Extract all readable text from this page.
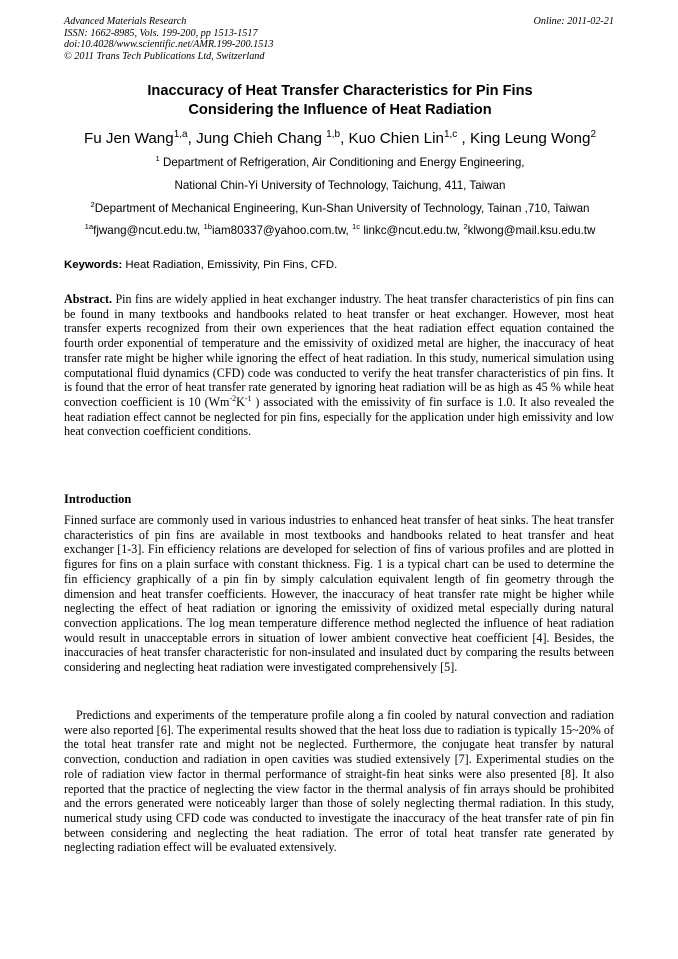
Advanced Materials Research
ISSN: 1662-8985, Vols. 199-200, pp 1513-1517
doi:10.4028/www.scientific.net/AMR.199-200.1513
© 2011 Trans Tech Publications Ltd, Switzerland
Online: 2011-02-21
Inaccuracy of Heat Transfer Characteristics for Pin Fins
Considering the Influence of Heat Radiation
Fu Jen Wang$^{1,a}$, Jung Chieh Chang $^{1,b}$, Kuo Chien Lin$^{1,c}$ , King Leung Wong$^2$
$^1$ Department of Refrigeration, Air Conditioning and Energy Engineering,
National Chin-Yi University of Technology, Taichung, 411, Taiwan
$^2$Department of Mechanical Engineering, Kun-Shan University of Technology, Tainan ,710, Taiwan
$^{1a}$fjwang@ncut.edu.tw, $^{1b}$iam80337@yahoo.com.tw, $^{1c}$ linkc@ncut.edu.tw, $^2$klwong@mail.ksu.edu.tw
Keywords: Heat Radiation, Emissivity, Pin Fins, CFD.
Abstract. Pin fins are widely applied in heat exchanger industry. The heat transfer characteristics of pin fins can be found in many textbooks and handbooks related to heat transfer or heat exchanger. However, most heat transfer experts recognized from their own experiences that the heat radiation effect equation contained the fourth order exponential of temperature and the emissivity of oxidized metal are higher, the inaccuracy of heat transfer rate might be higher while ignoring the effect of heat radiation. In this study, numerical simulation using computational fluid dynamics (CFD) code was conducted to verify the heat transfer characteristics of pin fins. It is found that the error of heat transfer rate generated by ignoring heat radiation will be as high as 45 % while heat convection coefficient is 10 ($Wm^{-2}K^{-1}$ ) associated with the emissivity of fin surface is 1.0. It also revealed the heat radiation effect cannot be neglected for pin fins, especially for the application under high emissivity and low heat convection coefficient conditions.
Introduction
Finned surface are commonly used in various industries to enhanced heat transfer of heat sinks. The heat transfer characteristics of pin fins are available in most textbooks and handbooks related to heat transfer and heat exchanger [1-3]. Fin efficiency relations are developed for selection of fins of various profiles and are plotted in figures for fins on a plain surface with constant thickness. Fig. 1 is a typical chart can be used to determine the fin efficiency graphically of a pin fin by simply calculation equivalent length of fin geometry through the dimension and heat transfer coefficients. However, the inaccuracy of heat transfer rate might be higher while neglecting the effect of heat radiation or ignoring the emissivity of oxidized metal especially during natural convection applications. The log mean temperature difference method neglected the influence of heat radiation would result in unacceptable errors in situation of lower ambient convective heat coefficient [4]. Besides, the inaccuracies of heat transfer characteristic for non-insulated and insulated duct by comparing the results between considering and neglecting heat radiation were investigated comprehensively [5].
Predictions and experiments of the temperature profile along a fin cooled by natural convection and radiation were also reported [6]. The experimental results showed that the heat loss due to radiation is typically 15~20% of the total heat transfer rate and might not be neglected. Furthermore, the conjugate heat transfer by natural convection, conduction and radiation in open cavities was studied extensively [7]. Experimental studies on the role of radiation view factor in thermal performance of straight-fin heat sinks were also presented [8]. It also reported that the practice of neglecting the view factor in the thermal analysis of fin arrays should be prohibited and the errors generated were noticeably larger than those of solely neglecting thermal radiation. In this study, numerical study using CFD code was conducted to investigate the inaccuracy of the heat transfer rate of pin fin between considering and neglecting the heat radiation. The error of total heat transfer rate generated by neglecting radiation effect will be evaluated extensively.
